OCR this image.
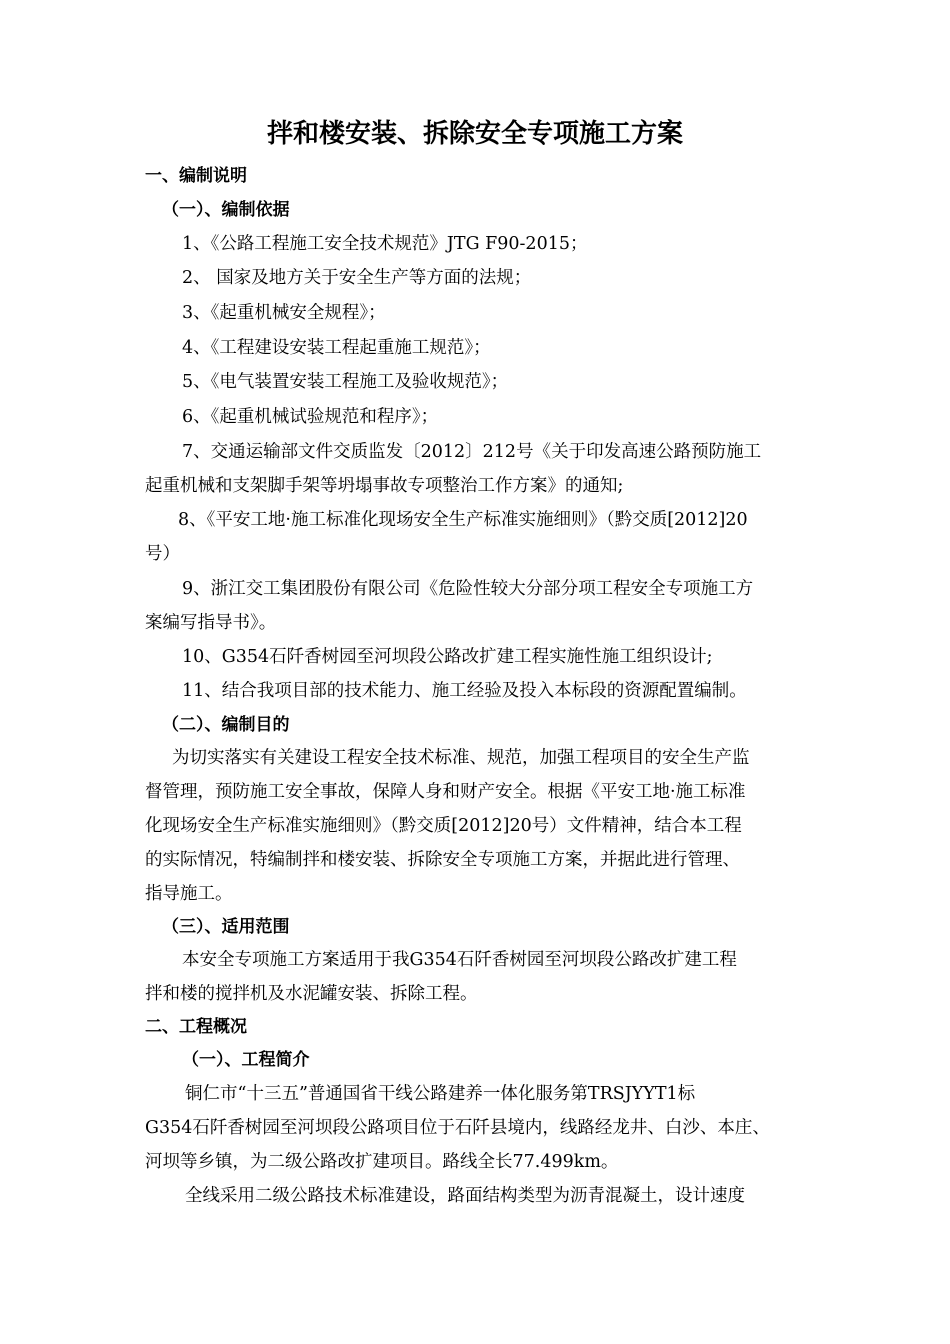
拌和楼安装、拆除安全专项施工方案
一、编制说明
（一）、编制依据
1、《公路工程施工安全技术规范》JTG F90-2015；
2、 国家及地方关于安全生产等方面的法规；
3、《起重机械安全规程》；
4、《工程建设安装工程起重施工规范》；
5、《电气装置安装工程施工及验收规范》；
6、《起重机械试验规范和程序》；
7、交通运输部文件交质监发〔2012〕212号《关于印发高速公路预防施工
起重机械和支架脚手架等坍塌事故专项整治工作方案》的通知;
8、《平安工地·施工标准化现场安全生产标准实施细则》（黔交质[2012]20
号）
9、浙江交工集团股份有限公司《危险性较大分部分项工程安全专项施工方
案编写指导书》。
10、G354石阡香树园至河坝段公路改扩建工程实施性施工组织设计;
11、结合我项目部的技术能力、施工经验及投入本标段的资源配置编制。
（二）、编制目的
为切实落实有关建设工程安全技术标准、规范，加强工程项目的安全生产监
督管理，预防施工安全事故，保障人身和财产安全。根据《平安工地·施工标准
化现场安全生产标准实施细则》（黔交质[2012]20号）文件精神，结合本工程
的实际情况，特编制拌和楼安装、拆除安全专项施工方案，并据此进行管理、
指导施工。
（三）、适用范围
本安全专项施工方案适用于我G354石阡香树园至河坝段公路改扩建工程
拌和楼的搅拌机及水泥罐安装、拆除工程。
二、工程概况
（一）、工程简介
铜仁市“十三五”普通国省干线公路建养一体化服务第TRSJYYT1标
G354石阡香树园至河坝段公路项目位于石阡县境内，线路经龙井、白沙、本庄、
河坝等乡镇，为二级公路改扩建项目。路线全长77.499km。
全线采用二级公路技术标准建设，路面结构类型为沥青混凝土，设计速度
